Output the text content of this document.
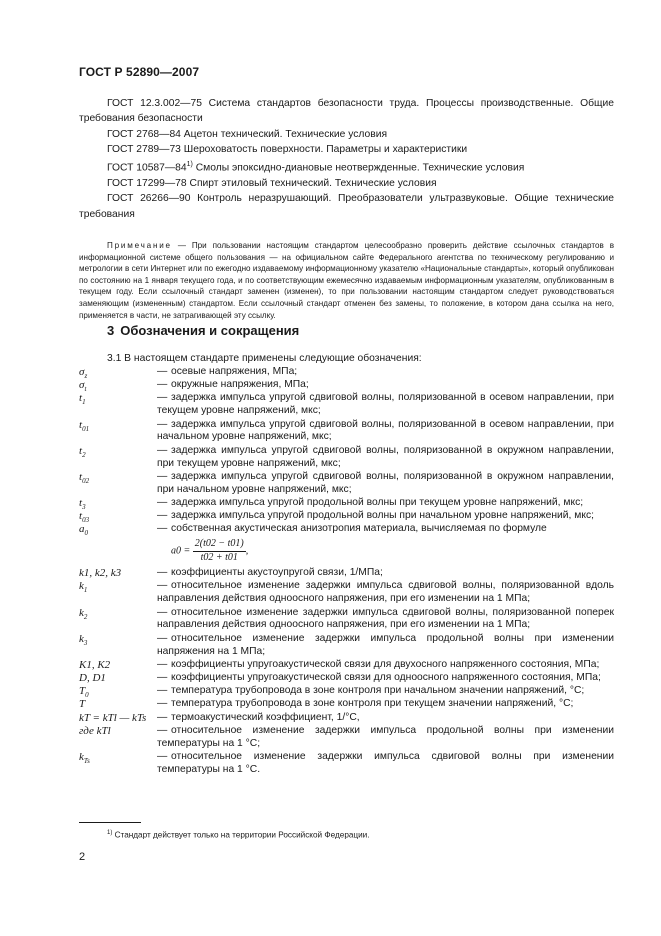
ГОСТ Р 52890—2007

ГОСТ 12.3.002—75 Система стандартов безопасности труда. Процессы производственные. Общие требования безопасности

ГОСТ 2768—84 Ацетон технический. Технические условия

ГОСТ 2789—73 Шероховатость поверхности. Параметры и характеристики

ГОСТ 10587—84$^{1)}$ Смолы эпоксидно-диановые неотвержденные. Технические условия

ГОСТ 17299—78 Спирт этиловый технический. Технические условия

ГОСТ 26266—90 Контроль неразрушающий. Преобразователи ультразвуковые. Общие технические требования

Примечание — При пользовании настоящим стандартом целесообразно проверить действие ссылочных стандартов в информационной системе общего пользования — на официальном сайте Федерального агентства по техническому регулированию и метрологии в сети Интернет или по ежегодно издаваемому информационному указателю «Национальные стандарты», который опубликован по состоянию на 1 января текущего года, и по соответствующим ежемесячно издаваемым информационным указателям, опубликованным в текущем году. Если ссылочный стандарт заменен (изменен), то при пользовании настоящим стандартом следует руководствоваться заменяющим (измененным) стандартом. Если ссылочный стандарт отменен без замены, то положение, в котором дана ссылка на него, применяется в части, не затрагивающей эту ссылку.
3 Обозначения и сокращения
3.1 В настоящем стандарте применены следующие обозначения:
$\sigma_z$	— осевые напряжения, МПа;
$\sigma_t$	— окружные напряжения, МПа;
$t_1$	— задержка импульса упругой сдвиговой волны, поляризованной в осевом направлении, при текущем уровне напряжений, мкс;
$t_{01}$	— задержка импульса упругой сдвиговой волны, поляризованной в осевом направлении, при начальном уровне напряжений, мкс;
$t_2$	— задержка импульса упругой сдвиговой волны, поляризованной в окружном направлении, при текущем уровне напряжений, мкс;
$t_{02}$	— задержка импульса упругой сдвиговой волны, поляризованной в окружном направлении, при начальном уровне напряжений, мкс;
$t_3$	— задержка импульса упругой продольной волны при текущем уровне напряжений, мкс;
$t_{03}$	— задержка импульса упругой продольной волны при начальном уровне напряжений, мкс;
$a_0$	— собственная акустическая анизотропия материала, вычисляемая по формуле
$a0 = \frac{2(t02 - t01)}{t02 + t01}$ ,
k1, k2, k3	— коэффициенты акустоупругой связи, 1/МПа;
$k_1$	— относительное изменение задержки импульса сдвиговой волны, поляризованной вдоль направления действия одноосного напряжения, при его изменении на 1 МПа;
$k_2$	— относительное изменение задержки импульса сдвиговой волны, поляризованной поперек направления действия одноосного напряжения, при его изменении на 1 МПа;
$k_3$	— относительное изменение задержки импульса продольной волны при изменении напряжения на 1 МПа;
K1, K2	— коэффициенты упругоакустической связи для двухосного напряженного состояния, МПа;
D, D1	— коэффициенты упругоакустической связи для одноосного напряженного состояния, МПа;
$T_0$	— температура трубопровода в зоне контроля при начальном значении напряжений, °С;
T	— температура трубопровода в зоне контроля при текущем значении напряжений, °С;
kT = kTl — kTs	— термоакустический коэффициент, 1/°С,
где kTl	— относительное изменение задержки импульса продольной волны при изменении температуры на 1 °С;
$k_{Ts}$	— относительное изменение задержки импульса сдвиговой волны при изменении температуры на 1 °С.
$^{1)}$ Стандарт действует только на территории Российской Федерации.
2
